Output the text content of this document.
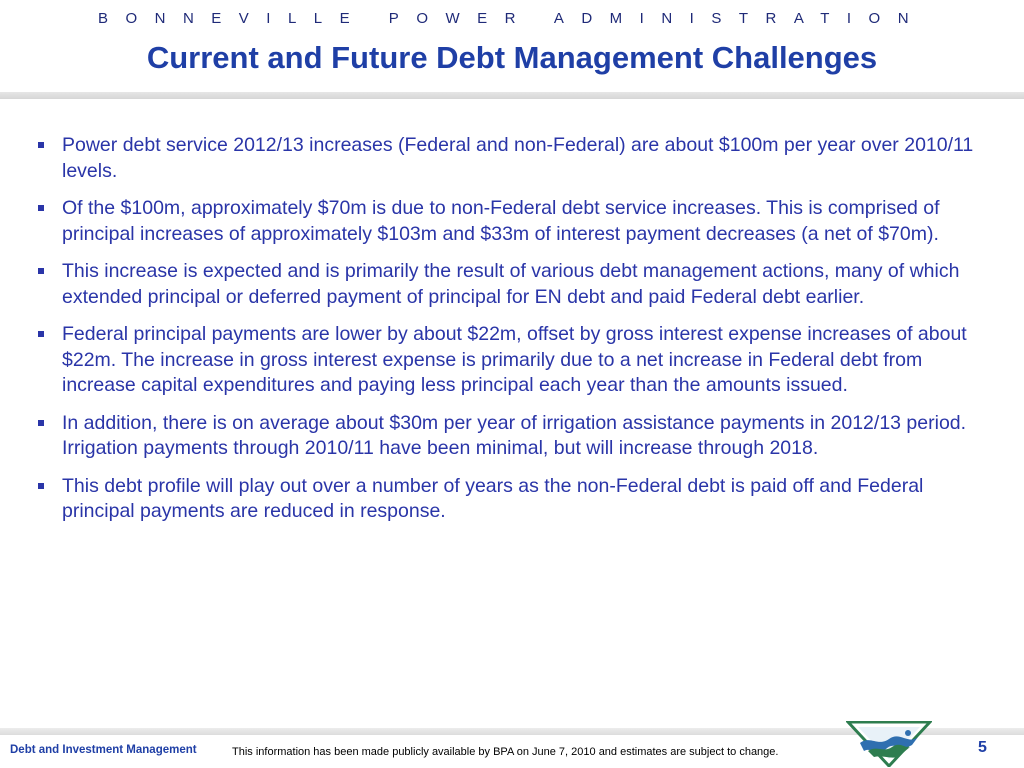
BONNEVILLE POWER ADMINISTRATION
Current and Future Debt Management Challenges
Power debt service 2012/13 increases (Federal and non-Federal) are about $100m per year over 2010/11 levels.
Of the $100m, approximately $70m is due to non-Federal debt service increases. This is comprised of principal increases of approximately $103m and $33m of interest payment decreases (a net of $70m).
This increase is expected and is primarily the result of various debt management actions, many of which extended principal or deferred payment of principal for EN debt and paid Federal debt earlier.
Federal principal payments are lower by about $22m, offset by gross interest expense increases of about $22m. The increase in gross interest expense is primarily due to a net increase in Federal debt from increase capital expenditures and paying less principal each year than the amounts issued.
In addition, there is on average about $30m per year of irrigation assistance payments in 2012/13 period. Irrigation payments through 2010/11 have been minimal, but will increase through 2018.
This debt profile will play out over a number of years as the non-Federal debt is paid off and Federal principal payments are reduced in response.
Debt and Investment Management	This information has been made publicly available by BPA on June 7, 2010 and estimates are subject to change.	5
